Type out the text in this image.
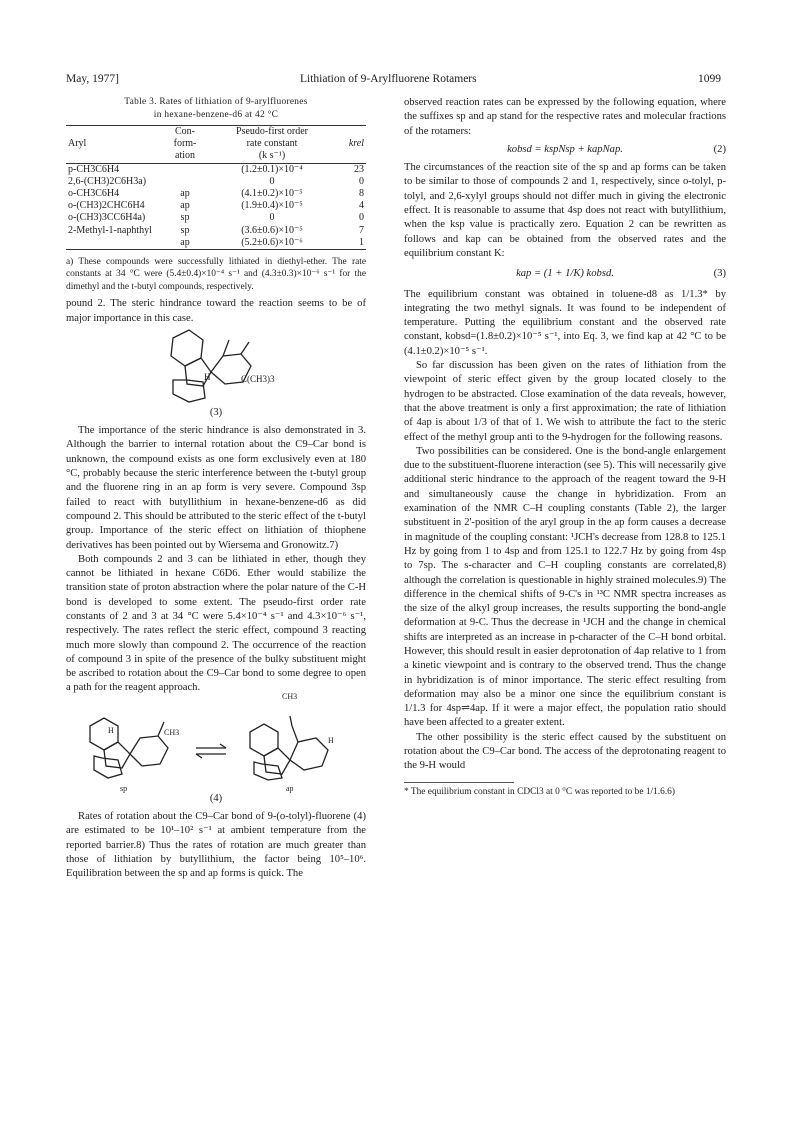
May, 1977]	Lithiation of 9-Arylfluorene Rotamers	1099
Table 3. Rates of lithiation of 9-arylfluorenes
in hexane-benzene-d6 at 42 °C
Aryl	Con-
form-
ation	Pseudo-first order
rate constant
(k s⁻¹)	krel
p-CH3C6H4		(1.2±0.1)×10⁻⁴	23
2,6-(CH3)2C6H3a)		0	0
o-CH3C6H4	ap	(4.1±0.2)×10⁻⁵	8
o-(CH3)2CHC6H4	ap	(1.9±0.4)×10⁻⁵	4
o-(CH3)3CC6H4a)	sp	0	0
2-Methyl-1-naphthyl	sp	(3.6±0.6)×10⁻⁵	7
	ap	(5.2±0.6)×10⁻⁶	1
a) These compounds were successfully lithiated in diethyl-ether. The rate constants at 34 °C were (5.4±0.4)×10⁻⁴ s⁻¹ and (4.3±0.3)×10⁻⁶ s⁻¹ for the dimethyl and the t-butyl compounds, respectively.

pound 2. The steric hindrance toward the reaction seems to be of major importance in this case.

H	C(CH3)3
(3)

The importance of the steric hindrance is also demonstrated in 3. Although the barrier to internal rotation about the C9–Car bond is unknown, the compound exists as one form exclusively even at 180 °C, probably because the steric interference between the t-butyl group and the fluorene ring in an ap form is very severe. Compound 3sp failed to react with butyllithium in hexane-benzene-d6 as did compound 2. This should be attributed to the steric effect of the t-butyl group. Importance of the steric effect on lithiation of thiophene derivatives has been pointed out by Wiersema and Gronowitz.7)

Both compounds 2 and 3 can be lithiated in ether, though they cannot be lithiated in hexane C6D6. Ether would stabilize the transition state of proton abstraction where the polar nature of the C-H bond is developed to some extent. The pseudo-first order rate constants of 2 and 3 at 34 °C were 5.4×10⁻⁴ s⁻¹ and 4.3×10⁻⁶ s⁻¹, respectively. The rates reflect the steric effect, compound 3 reacting much more slowly than compound 2. The occurrence of the reaction of compound 3 in spite of the presence of the bulky substituent might be ascribed to rotation about the C9–Car bond to some degree to open a path for the reagent approach.

H	CH3
CH3
H
sp	ap
(4)

Rates of rotation about the C9–Car bond of 9-(o-tolyl)-fluorene (4) are estimated to be 10¹–10² s⁻¹ at ambient temperature from the reported barrier.8) Thus the rates of rotation are much greater than those of lithiation by butyllithium, the factor being 10⁵–10⁶. Equilibration between the sp and ap forms is quick. The

observed reaction rates can be expressed by the following equation, where the suffixes sp and ap stand for the respective rates and molecular fractions of the rotamers:

kobsd = kspNsp + kapNap.	(2)

The circumstances of the reaction site of the sp and ap forms can be taken to be similar to those of compounds 2 and 1, respectively, since o-tolyl, p-tolyl, and 2,6-xylyl groups should not differ much in giving the electronic effect. It is reasonable to assume that 4sp does not react with butyllithium, when the ksp value is practically zero. Equation 2 can be rewritten as follows and kap can be obtained from the observed rates and the equilibrium constant K:

kap = (1 + 1/K) kobsd.	(3)

The equilibrium constant was obtained in toluene-d8 as 1/1.3* by integrating the two methyl signals. It was found to be independent of temperature. Putting the equilibrium constant and the observed rate constant, kobsd=(1.8±0.2)×10⁻⁵ s⁻¹, into Eq. 3, we find kap at 42 °C to be (4.1±0.2)×10⁻⁵ s⁻¹.

So far discussion has been given on the rates of lithiation from the viewpoint of steric effect given by the group located closely to the hydrogen to be abstracted. Close examination of the data reveals, however, that the above treatment is only a first approximation; the rate of lithiation of 4ap is about 1/3 of that of 1. We wish to attribute the fact to the steric effect of the methyl group anti to the 9-hydrogen for the following reasons.

Two possibilities can be considered. One is the bond-angle enlargement due to the substituent-fluorene interaction (see 5). This will necessarily give additional steric hindrance to the approach of the reagent toward the 9-H and simultaneously cause the change in hybridization. From an examination of the NMR C–H coupling constants (Table 2), the larger substituent in 2'-position of the aryl group in the ap form causes a decrease in magnitude of the coupling constant: ¹JCH's decrease from 128.8 to 125.1 Hz by going from 1 to 4sp and from 125.1 to 122.7 Hz by going from 4sp to 7sp. The s-character and C–H coupling constants are correlated,8) although the correlation is questionable in highly strained molecules.9) The difference in the chemical shifts of 9-C's in ¹³C NMR spectra increases as the size of the alkyl group increases, the results supporting the bond-angle deformation at 9-C. Thus the decrease in ¹JCH and the change in chemical shifts are interpreted as an increase in p-character of the C–H bond orbital. However, this should result in easier deprotonation of 4ap relative to 1 from a kinetic viewpoint and is contrary to the observed trend. Thus the change in hybridization is of minor importance. The steric effect resulting from deformation may also be a minor one since the equilibrium constant is 1/1.3 for 4sp⇌4ap. If it were a major effect, the population ratio should have been affected to a greater extent.

The other possibility is the steric effect caused by the substituent on rotation about the C9–Car bond. The access of the deprotonating reagent to the 9-H would

* The equilibrium constant in CDCl3 at 0 °C was reported to be 1/1.6.6)
